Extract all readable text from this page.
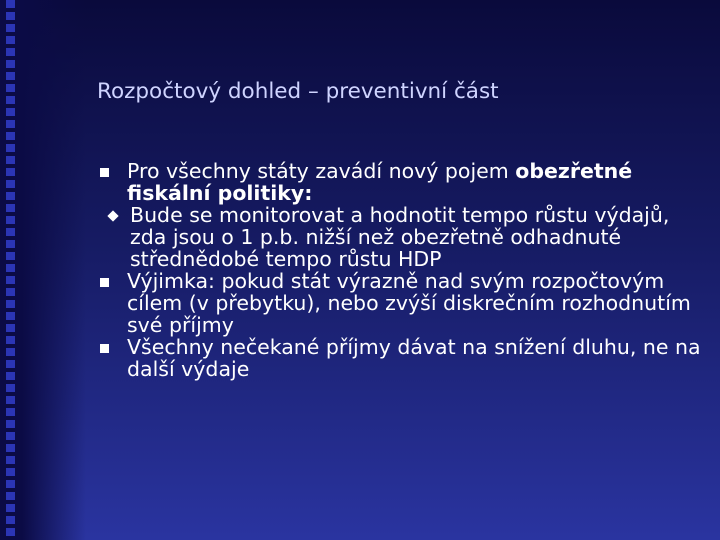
Rozpočtový dohled – preventivní část
Pro všechny státy zavádí nový pojem obezřetné fiskální politiky:
Bude se monitorovat a hodnotit tempo růstu výdajů, zda jsou o 1 p.b. nižší než obezřetně odhadnuté střednědobé tempo růstu HDP
Výjimka: pokud stát výrazně nad svým rozpočtovým cílem (v přebytku), nebo zvýší diskrečním rozhodnutím své příjmy
Všechny nečekané příjmy dávat na snížení dluhu, ne na další výdaje
